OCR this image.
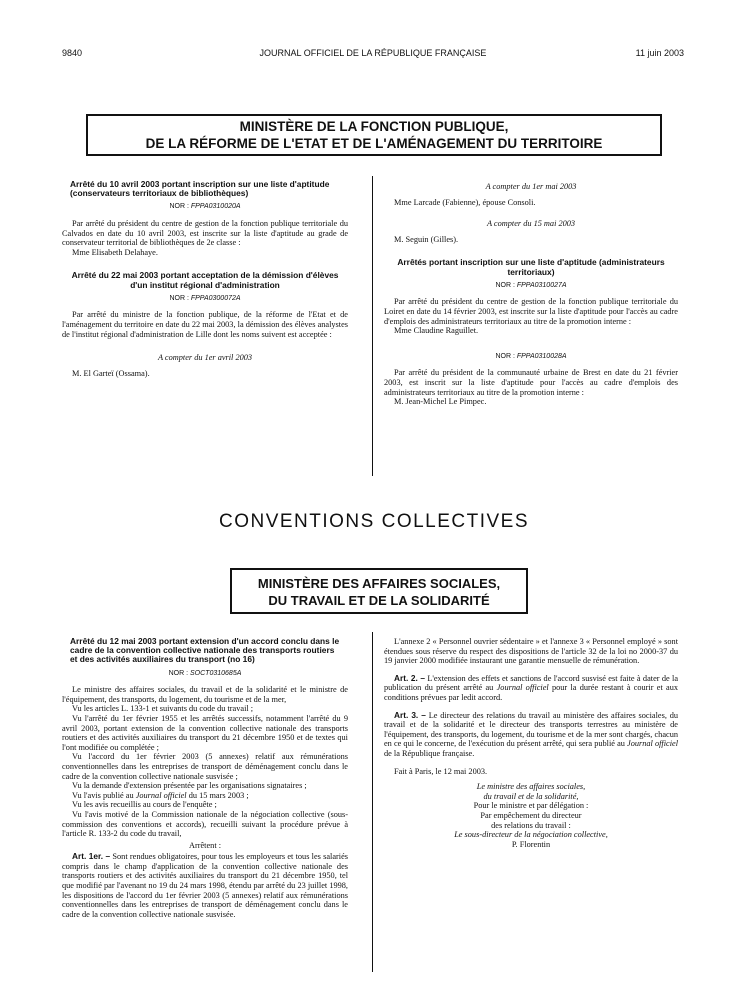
9840	JOURNAL OFFICIEL DE LA RÉPUBLIQUE FRANÇAISE	11 juin 2003
MINISTÈRE DE LA FONCTION PUBLIQUE,
DE LA RÉFORME DE L'ETAT ET DE L'AMÉNAGEMENT DU TERRITOIRE

Arrêté du 10 avril 2003 portant inscription sur une liste d'aptitude (conservateurs territoriaux de bibliothèques)

NOR : FPPA0310020A

Par arrêté du président du centre de gestion de la fonction publique territoriale du Calvados en date du 10 avril 2003, est inscrite sur la liste d'aptitude au grade de conservateur territorial de bibliothèques de 2e classe :

Mme Elisabeth Delahaye.

Arrêté du 22 mai 2003 portant acceptation de la démission d'élèves d'un institut régional d'administration

NOR : FPPA0300072A

Par arrêté du ministre de la fonction publique, de la réforme de l'Etat et de l'aménagement du territoire en date du 22 mai 2003, la démission des élèves analystes de l'institut régional d'administration de Lille dont les noms suivent est acceptée :

A compter du 1er avril 2003

M. El Garteï (Ossama).

A compter du 1er mai 2003

Mme Larcade (Fabienne), épouse Consoli.

A compter du 15 mai 2003

M. Seguin (Gilles).

Arrêtés portant inscription sur une liste d'aptitude (administrateurs territoriaux)

NOR : FPPA0310027A

Par arrêté du président du centre de gestion de la fonction publique territoriale du Loiret en date du 14 février 2003, est inscrite sur la liste d'aptitude pour l'accès au cadre d'emplois des administrateurs territoriaux au titre de la promotion interne :

Mme Claudine Raguillet.

NOR : FPPA0310028A

Par arrêté du président de la communauté urbaine de Brest en date du 21 février 2003, est inscrit sur la liste d'aptitude pour l'accès au cadre d'emplois des administrateurs territoriaux au titre de la promotion interne :

M. Jean-Michel Le Pimpec.

CONVENTIONS COLLECTIVES
MINISTÈRE DES AFFAIRES SOCIALES,
DU TRAVAIL ET DE LA SOLIDARITÉ

Arrêté du 12 mai 2003 portant extension d'un accord conclu dans le cadre de la convention collective nationale des transports routiers et des activités auxiliaires du transport (no 16)

NOR : SOCT0310685A

Le ministre des affaires sociales, du travail et de la solidarité et le ministre de l'équipement, des transports, du logement, du tourisme et de la mer,

Vu les articles L. 133-1 et suivants du code du travail ;

Vu l'arrêté du 1er février 1955 et les arrêtés successifs, notamment l'arrêté du 9 avril 2003, portant extension de la convention collective nationale des transports routiers et des activités auxiliaires du transport du 21 décembre 1950 et de textes qui l'ont modifiée ou complétée ;

Vu l'accord du 1er février 2003 (5 annexes) relatif aux rémunérations conventionnelles dans les entreprises de transport de déménagement conclu dans le cadre de la convention collective nationale susvisée ;

Vu la demande d'extension présentée par les organisations signataires ;

Vu l'avis publié au Journal officiel du 15 mars 2003 ;

Vu les avis recueillis au cours de l'enquête ;

Vu l'avis motivé de la Commission nationale de la négociation collective (sous-commission des conventions et accords), recueilli suivant la procédure prévue à l'article R. 133-2 du code du travail,

Arrêtent :

Art. 1er. – Sont rendues obligatoires, pour tous les employeurs et tous les salariés compris dans le champ d'application de la convention collective nationale des transports routiers et des activités auxiliaires du transport du 21 décembre 1950, tel que modifié par l'avenant no 19 du 24 mars 1998, étendu par arrêté du 23 juillet 1998, les dispositions de l'accord du 1er février 2003 (5 annexes) relatif aux rémunérations conventionnelles dans les entreprises de transport de déménagement conclu dans le cadre de la convention collective nationale susvisée.

L'annexe 2 « Personnel ouvrier sédentaire » et l'annexe 3 « Personnel employé » sont étendues sous réserve du respect des dispositions de l'article 32 de la loi no 2000-37 du 19 janvier 2000 modifiée instaurant une garantie mensuelle de rémunération.

Art. 2. – L'extension des effets et sanctions de l'accord susvisé est faite à dater de la publication du présent arrêté au Journal officiel pour la durée restant à courir et aux conditions prévues par ledit accord.

Art. 3. – Le directeur des relations du travail au ministère des affaires sociales, du travail et de la solidarité et le directeur des transports terrestres au ministère de l'équipement, des transports, du logement, du tourisme et de la mer sont chargés, chacun en ce qui le concerne, de l'exécution du présent arrêté, qui sera publié au Journal officiel de la République française.

Fait à Paris, le 12 mai 2003.

Le ministre des affaires sociales,

du travail et de la solidarité,

Pour le ministre et par délégation :

Par empêchement du directeur

des relations du travail :

Le sous-directeur de la négociation collective,

P. Florentin
